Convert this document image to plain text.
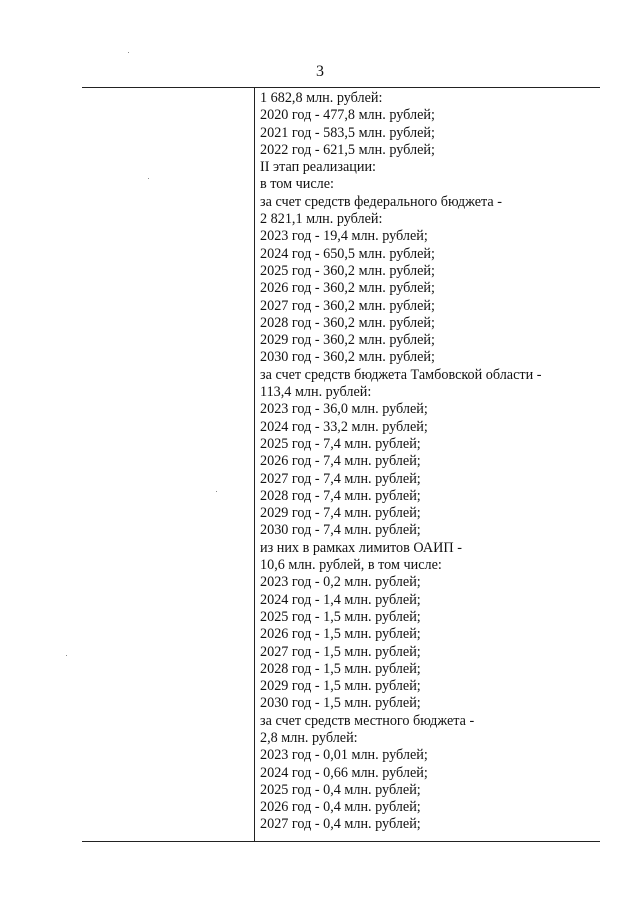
3
1 682,8 млн. рублей:
2020 год - 477,8 млн. рублей;
2021 год - 583,5 млн. рублей;
2022 год - 621,5 млн. рублей;
II этап реализации:
в том числе:
за счет средств федерального бюджета -
2 821,1 млн. рублей:
2023 год - 19,4 млн. рублей;
2024 год - 650,5 млн. рублей;
2025 год - 360,2 млн. рублей;
2026 год - 360,2 млн. рублей;
2027 год - 360,2 млн. рублей;
2028 год - 360,2 млн. рублей;
2029 год - 360,2 млн. рублей;
2030 год - 360,2 млн. рублей;
за счет средств бюджета Тамбовской области -
113,4 млн. рублей:
2023 год - 36,0 млн. рублей;
2024 год - 33,2 млн. рублей;
2025 год - 7,4 млн. рублей;
2026 год - 7,4 млн. рублей;
2027 год - 7,4 млн. рублей;
2028 год - 7,4 млн. рублей;
2029 год - 7,4 млн. рублей;
2030 год - 7,4 млн. рублей;
из них в рамках лимитов ОАИП -
10,6 млн. рублей, в том числе:
2023 год - 0,2 млн. рублей;
2024 год - 1,4 млн. рублей;
2025 год - 1,5 млн. рублей;
2026 год - 1,5 млн. рублей;
2027 год - 1,5 млн. рублей;
2028 год - 1,5 млн. рублей;
2029 год - 1,5 млн. рублей;
2030 год - 1,5 млн. рублей;
за счет средств местного бюджета -
2,8 млн. рублей:
2023 год - 0,01 млн. рублей;
2024 год - 0,66 млн. рублей;
2025 год - 0,4 млн. рублей;
2026 год - 0,4 млн. рублей;
2027 год - 0,4 млн. рублей;
